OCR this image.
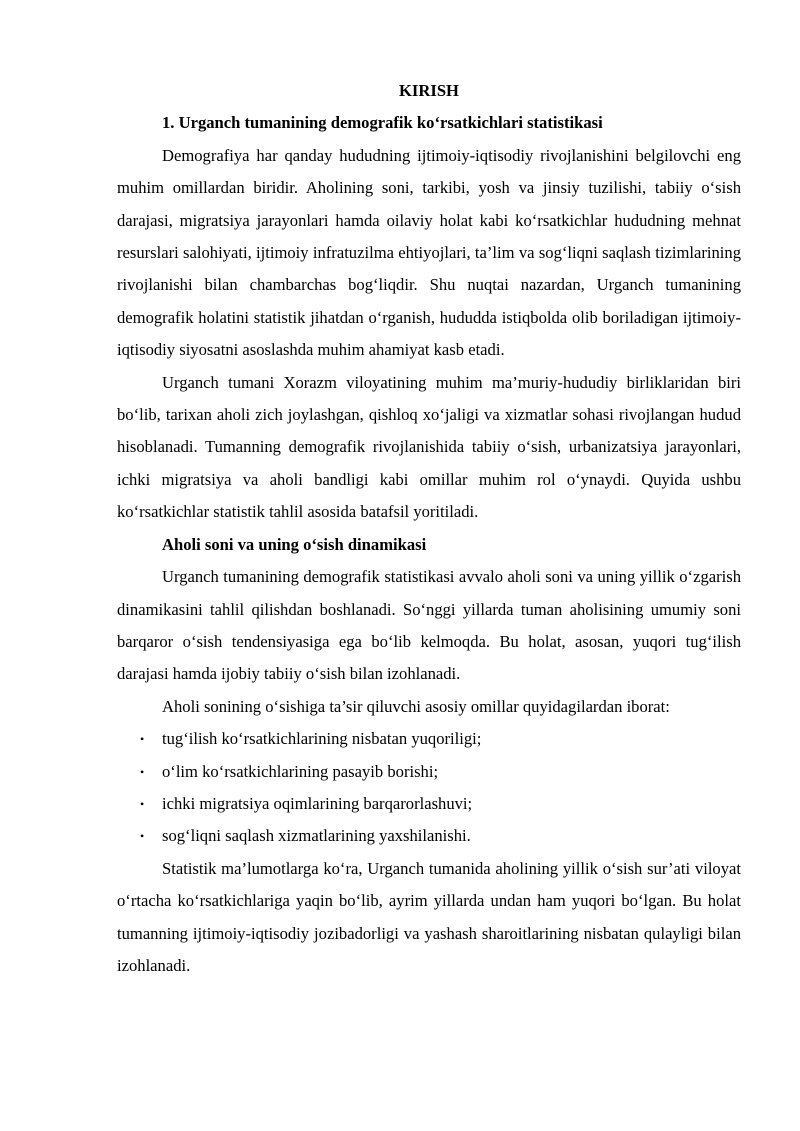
KIRISH
1. Urganch tumanining demografik ko‘rsatkichlari statistikasi

Demografiya har qanday hududning ijtimoiy-iqtisodiy rivojlanishini belgilovchi eng muhim omillardan biridir. Aholining soni, tarkibi, yosh va jinsiy tuzilishi, tabiiy o‘sish darajasi, migratsiya jarayonlari hamda oilaviy holat kabi ko‘rsatkichlar hududning mehnat resurslari salohiyati, ijtimoiy infratuzilma ehtiyojlari, ta’lim va sog‘liqni saqlash tizimlarining rivojlanishi bilan chambarchas bog‘liqdir. Shu nuqtai nazardan, Urganch tumanining demografik holatini statistik jihatdan o‘rganish, hududda istiqbolda olib boriladigan ijtimoiy-iqtisodiy siyosatni asoslashda muhim ahamiyat kasb etadi.

Urganch tumani Xorazm viloyatining muhim ma’muriy-hududiy birliklaridan biri bo‘lib, tarixan aholi zich joylashgan, qishloq xo‘jaligi va xizmatlar sohasi rivojlangan hudud hisoblanadi. Tumanning demografik rivojlanishida tabiiy o‘sish, urbanizatsiya jarayonlari, ichki migratsiya va aholi bandligi kabi omillar muhim rol o‘ynaydi. Quyida ushbu ko‘rsatkichlar statistik tahlil asosida batafsil yoritiladi.

Aholi soni va uning o‘sish dinamikasi

Urganch tumanining demografik statistikasi avvalo aholi soni va uning yillik o‘zgarish dinamikasini tahlil qilishdan boshlanadi. So‘nggi yillarda tuman aholisining umumiy soni barqaror o‘sish tendensiyasiga ega bo‘lib kelmoqda. Bu holat, asosan, yuqori tug‘ilish darajasi hamda ijobiy tabiiy o‘sish bilan izohlanadi.

Aholi sonining o‘sishiga ta’sir qiluvchi asosiy omillar quyidagilardan iborat:

• tug‘ilish ko‘rsatkichlarining nisbatan yuqoriligi;
• o‘lim ko‘rsatkichlarining pasayib borishi;
• ichki migratsiya oqimlarining barqarorlashuvi;
• sog‘liqni saqlash xizmatlarining yaxshilanishi.

Statistik ma’lumotlarga ko‘ra, Urganch tumanida aholining yillik o‘sish sur’ati viloyat o‘rtacha ko‘rsatkichlariga yaqin bo‘lib, ayrim yillarda undan ham yuqori bo‘lgan. Bu holat tumanning ijtimoiy-iqtisodiy jozibadorligi va yashash sharoitlarining nisbatan qulayligi bilan izohlanadi.
